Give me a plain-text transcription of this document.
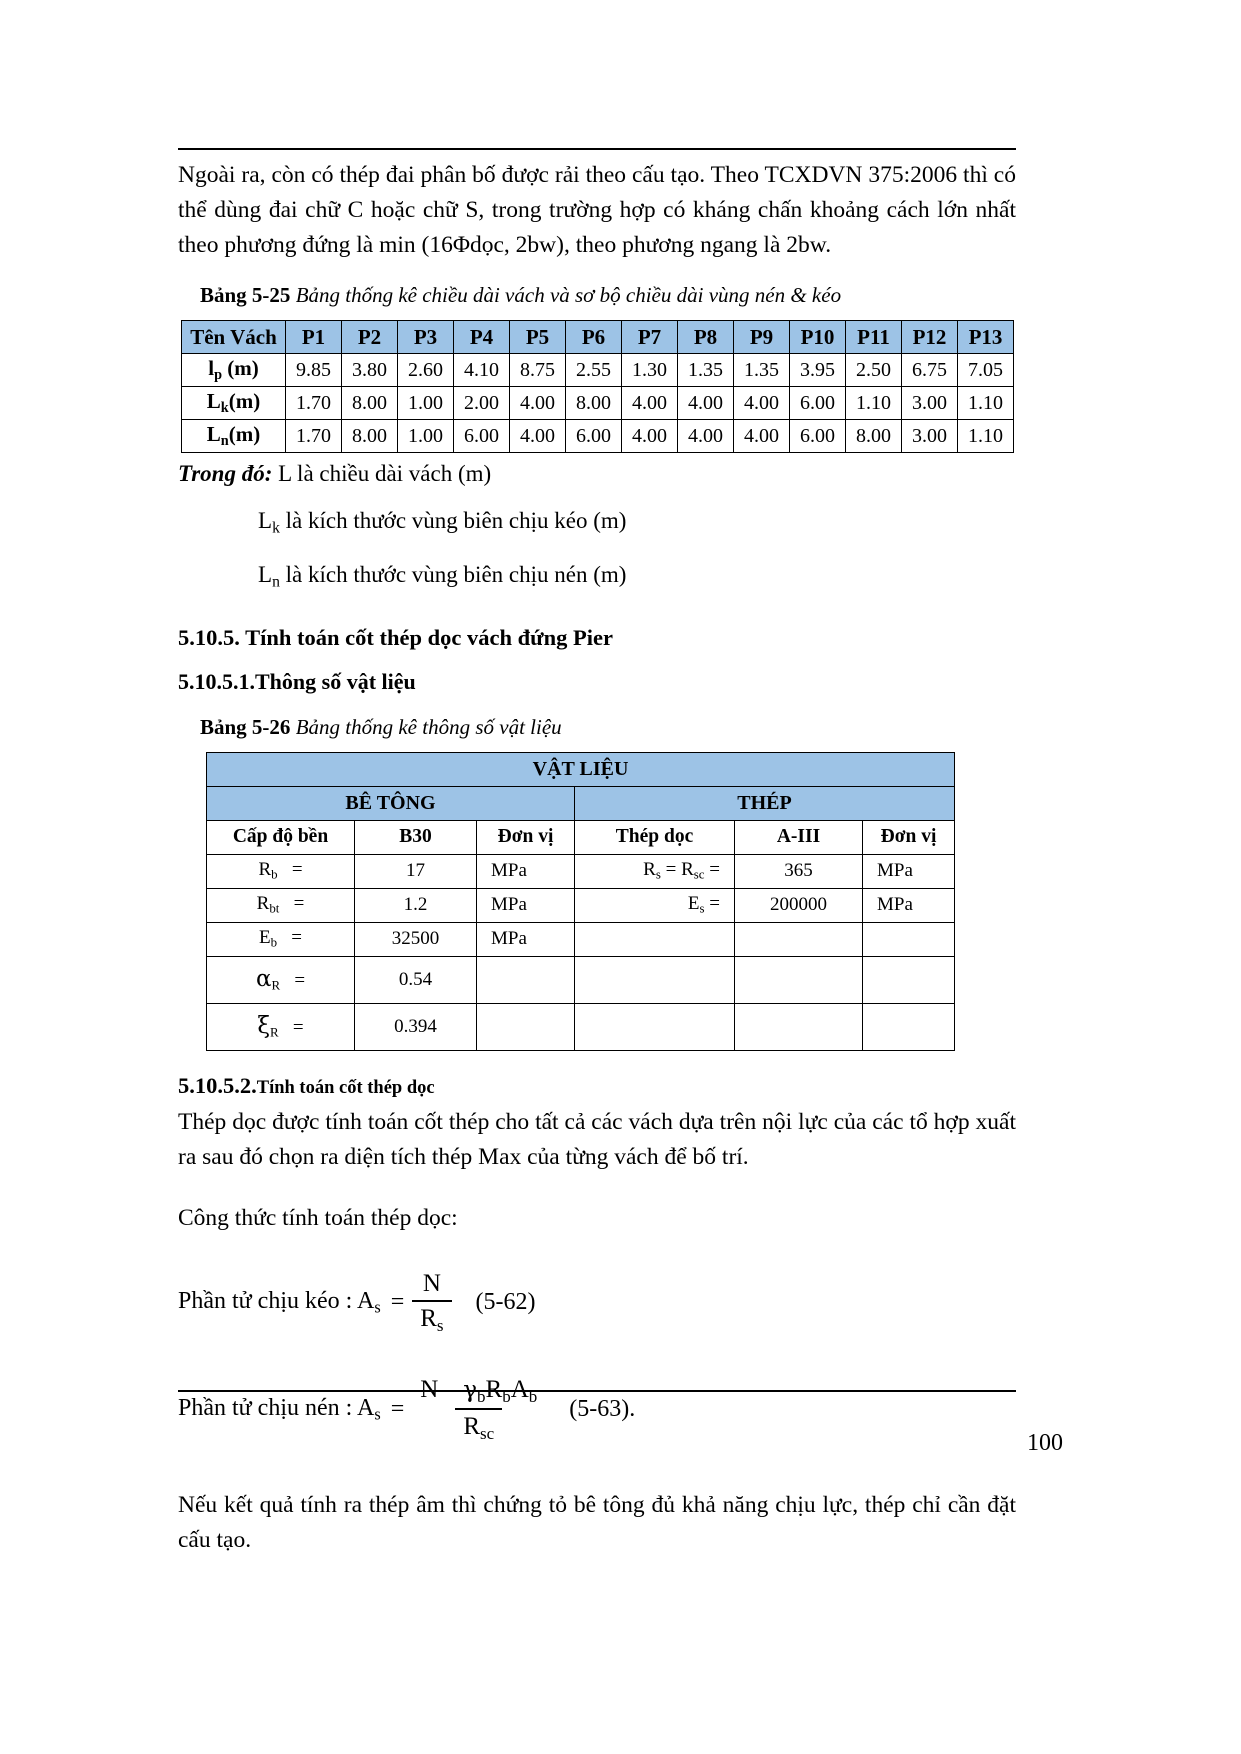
Ngoài ra, còn có thép đai phân bố được rải theo cấu tạo. Theo TCXDVN 375:2006 thì có thể dùng đai chữ C hoặc chữ S, trong trường hợp có kháng chấn khoảng cách lớn nhất theo phương đứng là min (16Φdọc, 2bw), theo phương ngang là 2bw.

Bảng 5-25 Bảng thống kê chiều dài vách và sơ bộ chiều dài vùng nén & kéo
Tên Vách	P1	P2	P3	P4	P5	P6	P7	P8	P9	P10	P11	P12	P13
$l_p$ (m)	9.85	3.80	2.60	4.10	8.75	2.55	1.30	1.35	1.35	3.95	2.50	6.75	7.05
$L_k(m)$	1.70	8.00	1.00	2.00	4.00	8.00	4.00	4.00	4.00	6.00	1.10	3.00	1.10
$L_n(m)$	1.70	8.00	1.00	6.00	4.00	6.00	4.00	4.00	4.00	6.00	8.00	3.00	1.10
Trong đó: L là chiều dài vách (m)
$L_k$ là kích thước vùng biên chịu kéo (m)
$L_n$ là kích thước vùng biên chịu nén (m)
5.10.5. Tính toán cốt thép dọc vách đứng Pier
5.10.5.1.Thông số vật liệu
Bảng 5-26 Bảng thống kê thông số vật liệu
VẬT LIỆU					
BÊ TÔNG			THÉP		
Cấp độ bền	B30	Đơn vị	Thép dọc	A-III	Đơn vị
$R_b$   =	17	MPa	$R_s = R_{sc}$ =	365	MPa
$R_{bt}$   =	1.2	MPa	$E_s$ =	200000	MPa
$E_b$   =	32500	MPa			
$\alpha_R$   =	0.54				
$\xi_R$   =	0.394				
5.10.5.2.Tính toán cốt thép dọc

Thép dọc được tính toán cốt thép cho tất cả các vách dựa trên nội lực của các tổ hợp xuất ra sau đó chọn ra diện tích thép Max của từng vách để bố trí.

Công thức tính toán thép dọc:

Phần tử chịu kéo : $A_s = \frac{N}{R_s} (5-62)$
Phần tử chịu nén : $A_s = \frac{N - \gamma_bR_bA_b}{R_{sc}} (5-63)$.

Nếu kết quả tính ra thép âm thì chứng tỏ bê tông đủ khả năng chịu lực, thép chỉ cần đặt cấu tạo.

100
